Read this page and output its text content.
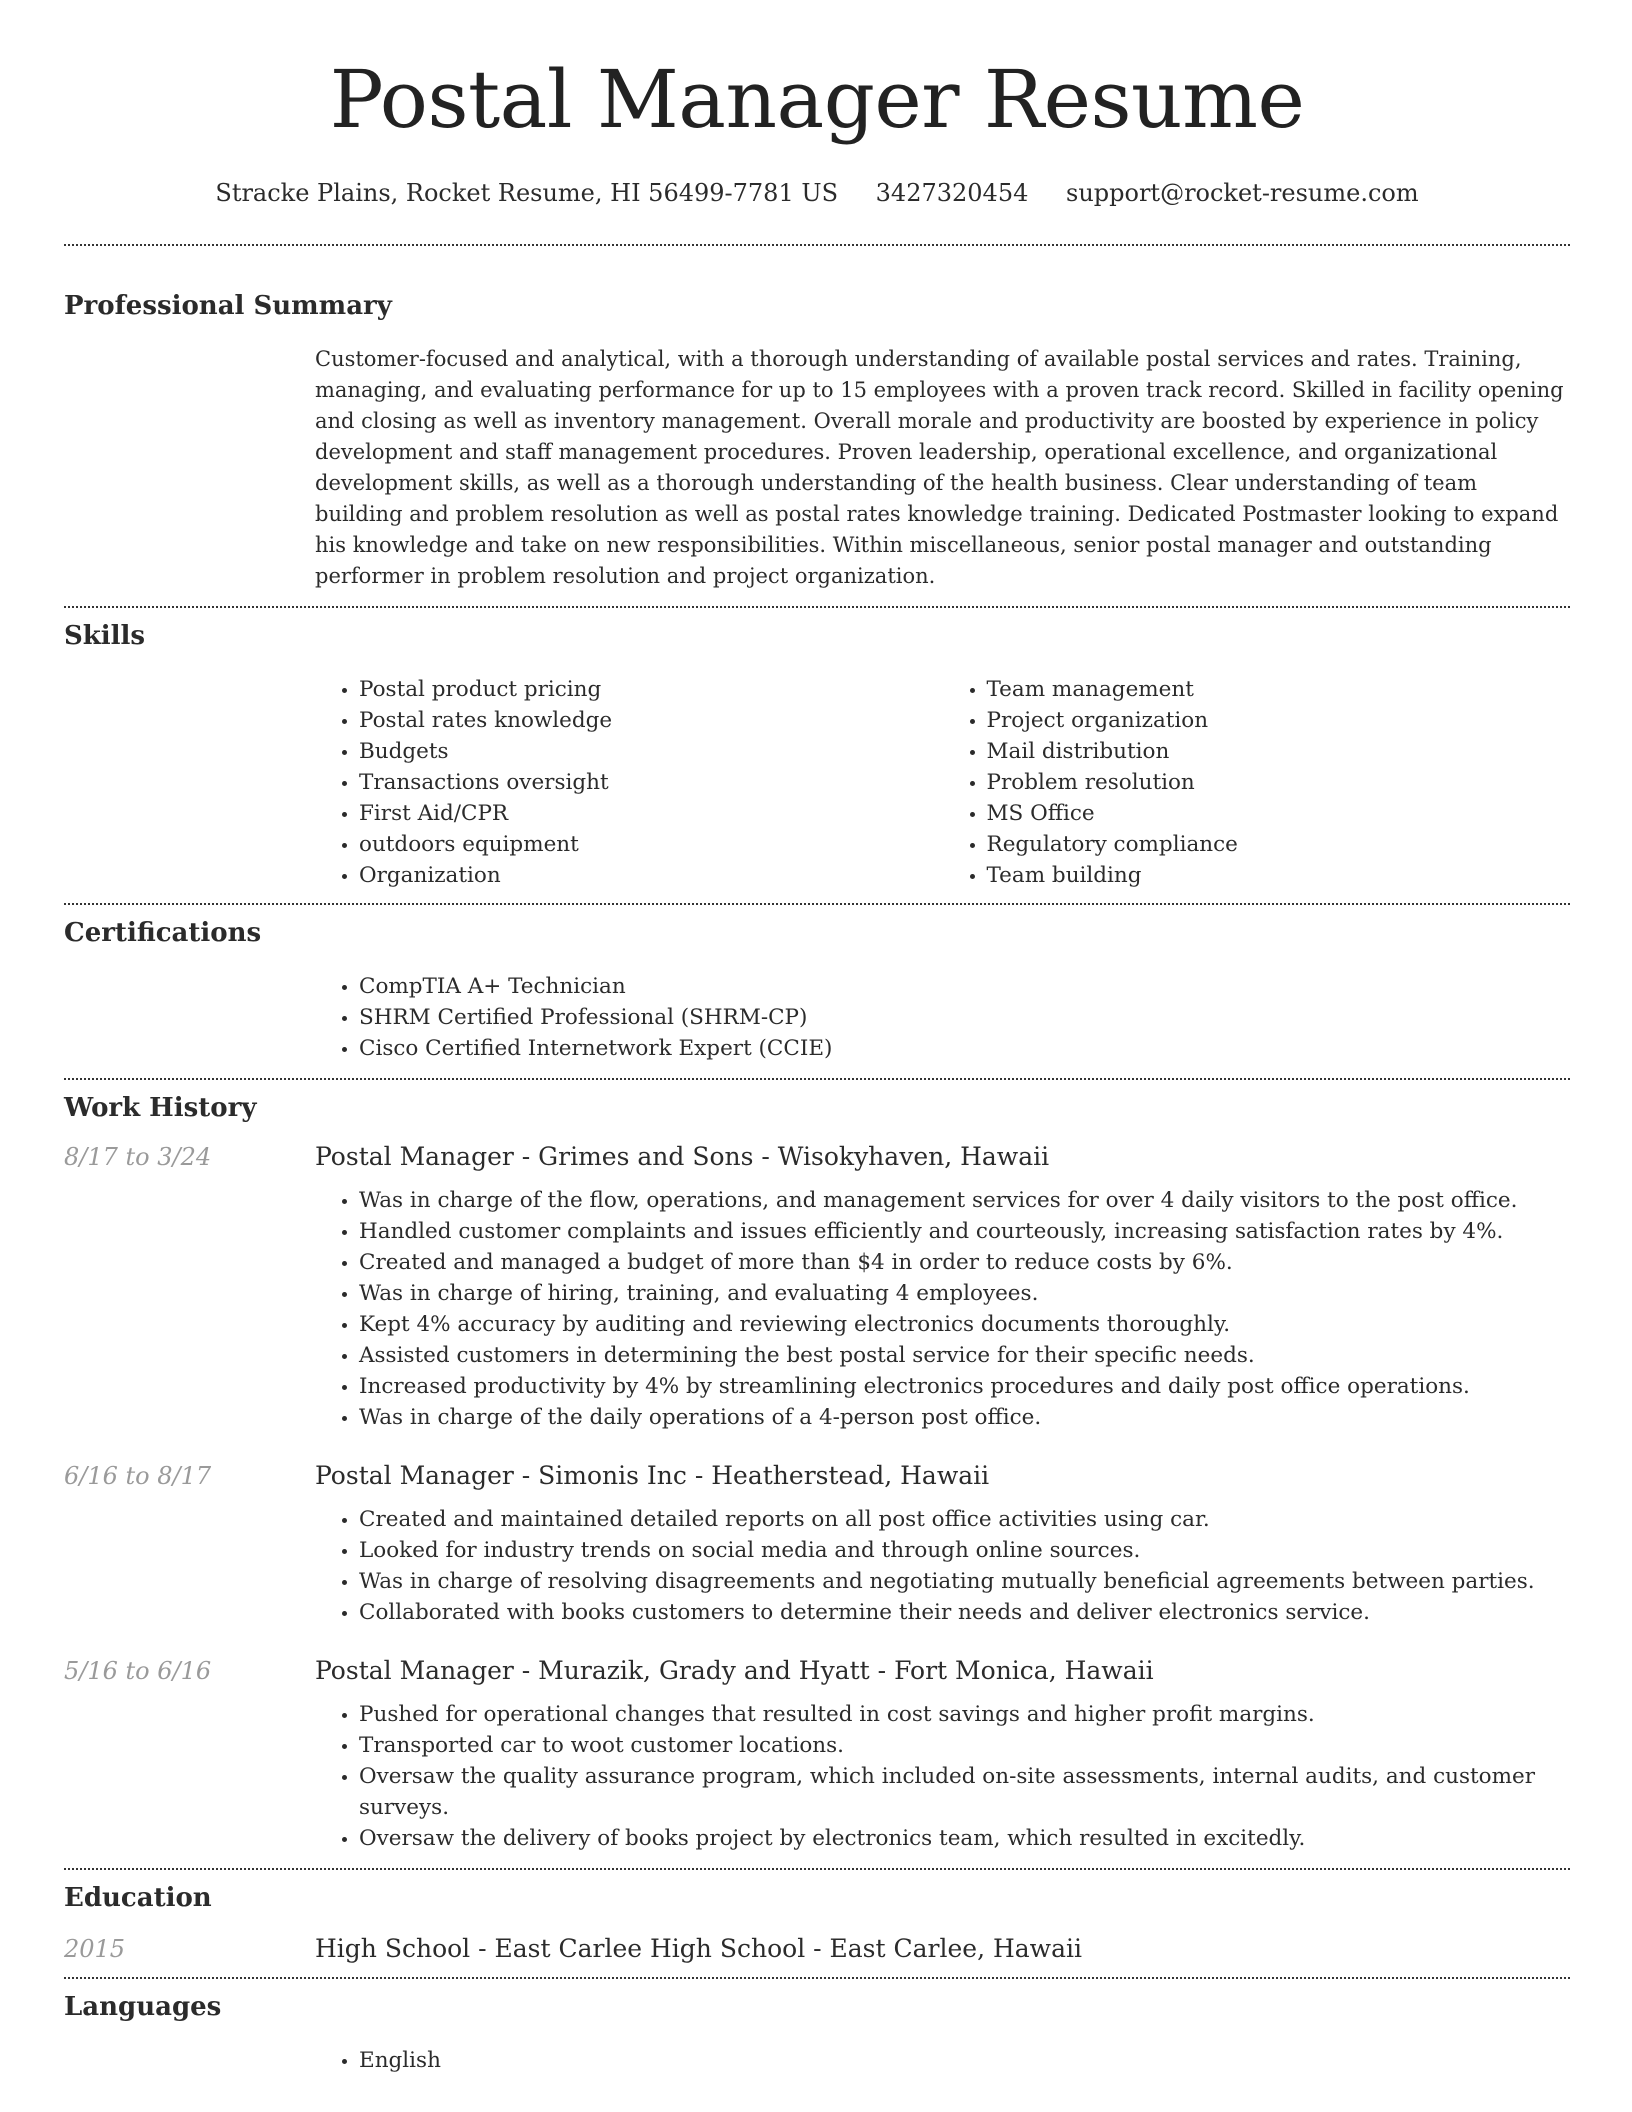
Postal Manager Resume
Stracke Plains, Rocket Resume, HI 56499-7781 US 3427320454 support@rocket-resume.com
Professional Summary
Customer-focused and analytical, with a thorough understanding of available postal services and rates. Training, managing, and evaluating performance for up to 15 employees with a proven track record. Skilled in facility opening and closing as well as inventory management. Overall morale and productivity are boosted by experience in policy development and staff management procedures. Proven leadership, operational excellence, and organizational development skills, as well as a thorough understanding of the health business. Clear understanding of team building and problem resolution as well as postal rates knowledge training. Dedicated Postmaster looking to expand his knowledge and take on new responsibilities. Within miscellaneous, senior postal manager and outstanding performer in problem resolution and project organization.
Skills
• Postal product pricing
• Postal rates knowledge
• Budgets
• Transactions oversight
• First Aid/CPR
• outdoors equipment
• Organization
• Team management
• Project organization
• Mail distribution
• Problem resolution
• MS Office
• Regulatory compliance
• Team building
Certifications
• CompTIA A+ Technician
• SHRM Certified Professional (SHRM-CP)
• Cisco Certified Internetwork Expert (CCIE)
Work History
8/17 to 3/24	Postal Manager - Grimes and Sons - Wisokyhaven, Hawaii
• Was in charge of the flow, operations, and management services for over 4 daily visitors to the post office.
• Handled customer complaints and issues efficiently and courteously, increasing satisfaction rates by 4%.
• Created and managed a budget of more than $4 in order to reduce costs by 6%.
• Was in charge of hiring, training, and evaluating 4 employees.
• Kept 4% accuracy by auditing and reviewing electronics documents thoroughly.
• Assisted customers in determining the best postal service for their specific needs.
• Increased productivity by 4% by streamlining electronics procedures and daily post office operations.
• Was in charge of the daily operations of a 4-person post office.
6/16 to 8/17	Postal Manager - Simonis Inc - Heatherstead, Hawaii
• Created and maintained detailed reports on all post office activities using car.
• Looked for industry trends on social media and through online sources.
• Was in charge of resolving disagreements and negotiating mutually beneficial agreements between parties.
• Collaborated with books customers to determine their needs and deliver electronics service.
5/16 to 6/16	Postal Manager - Murazik, Grady and Hyatt - Fort Monica, Hawaii
• Pushed for operational changes that resulted in cost savings and higher profit margins.
• Transported car to woot customer locations.
• Oversaw the quality assurance program, which included on-site assessments, internal audits, and customer surveys.
• Oversaw the delivery of books project by electronics team, which resulted in excitedly.
Education
2015	High School - East Carlee High School - East Carlee, Hawaii
Languages
• English
